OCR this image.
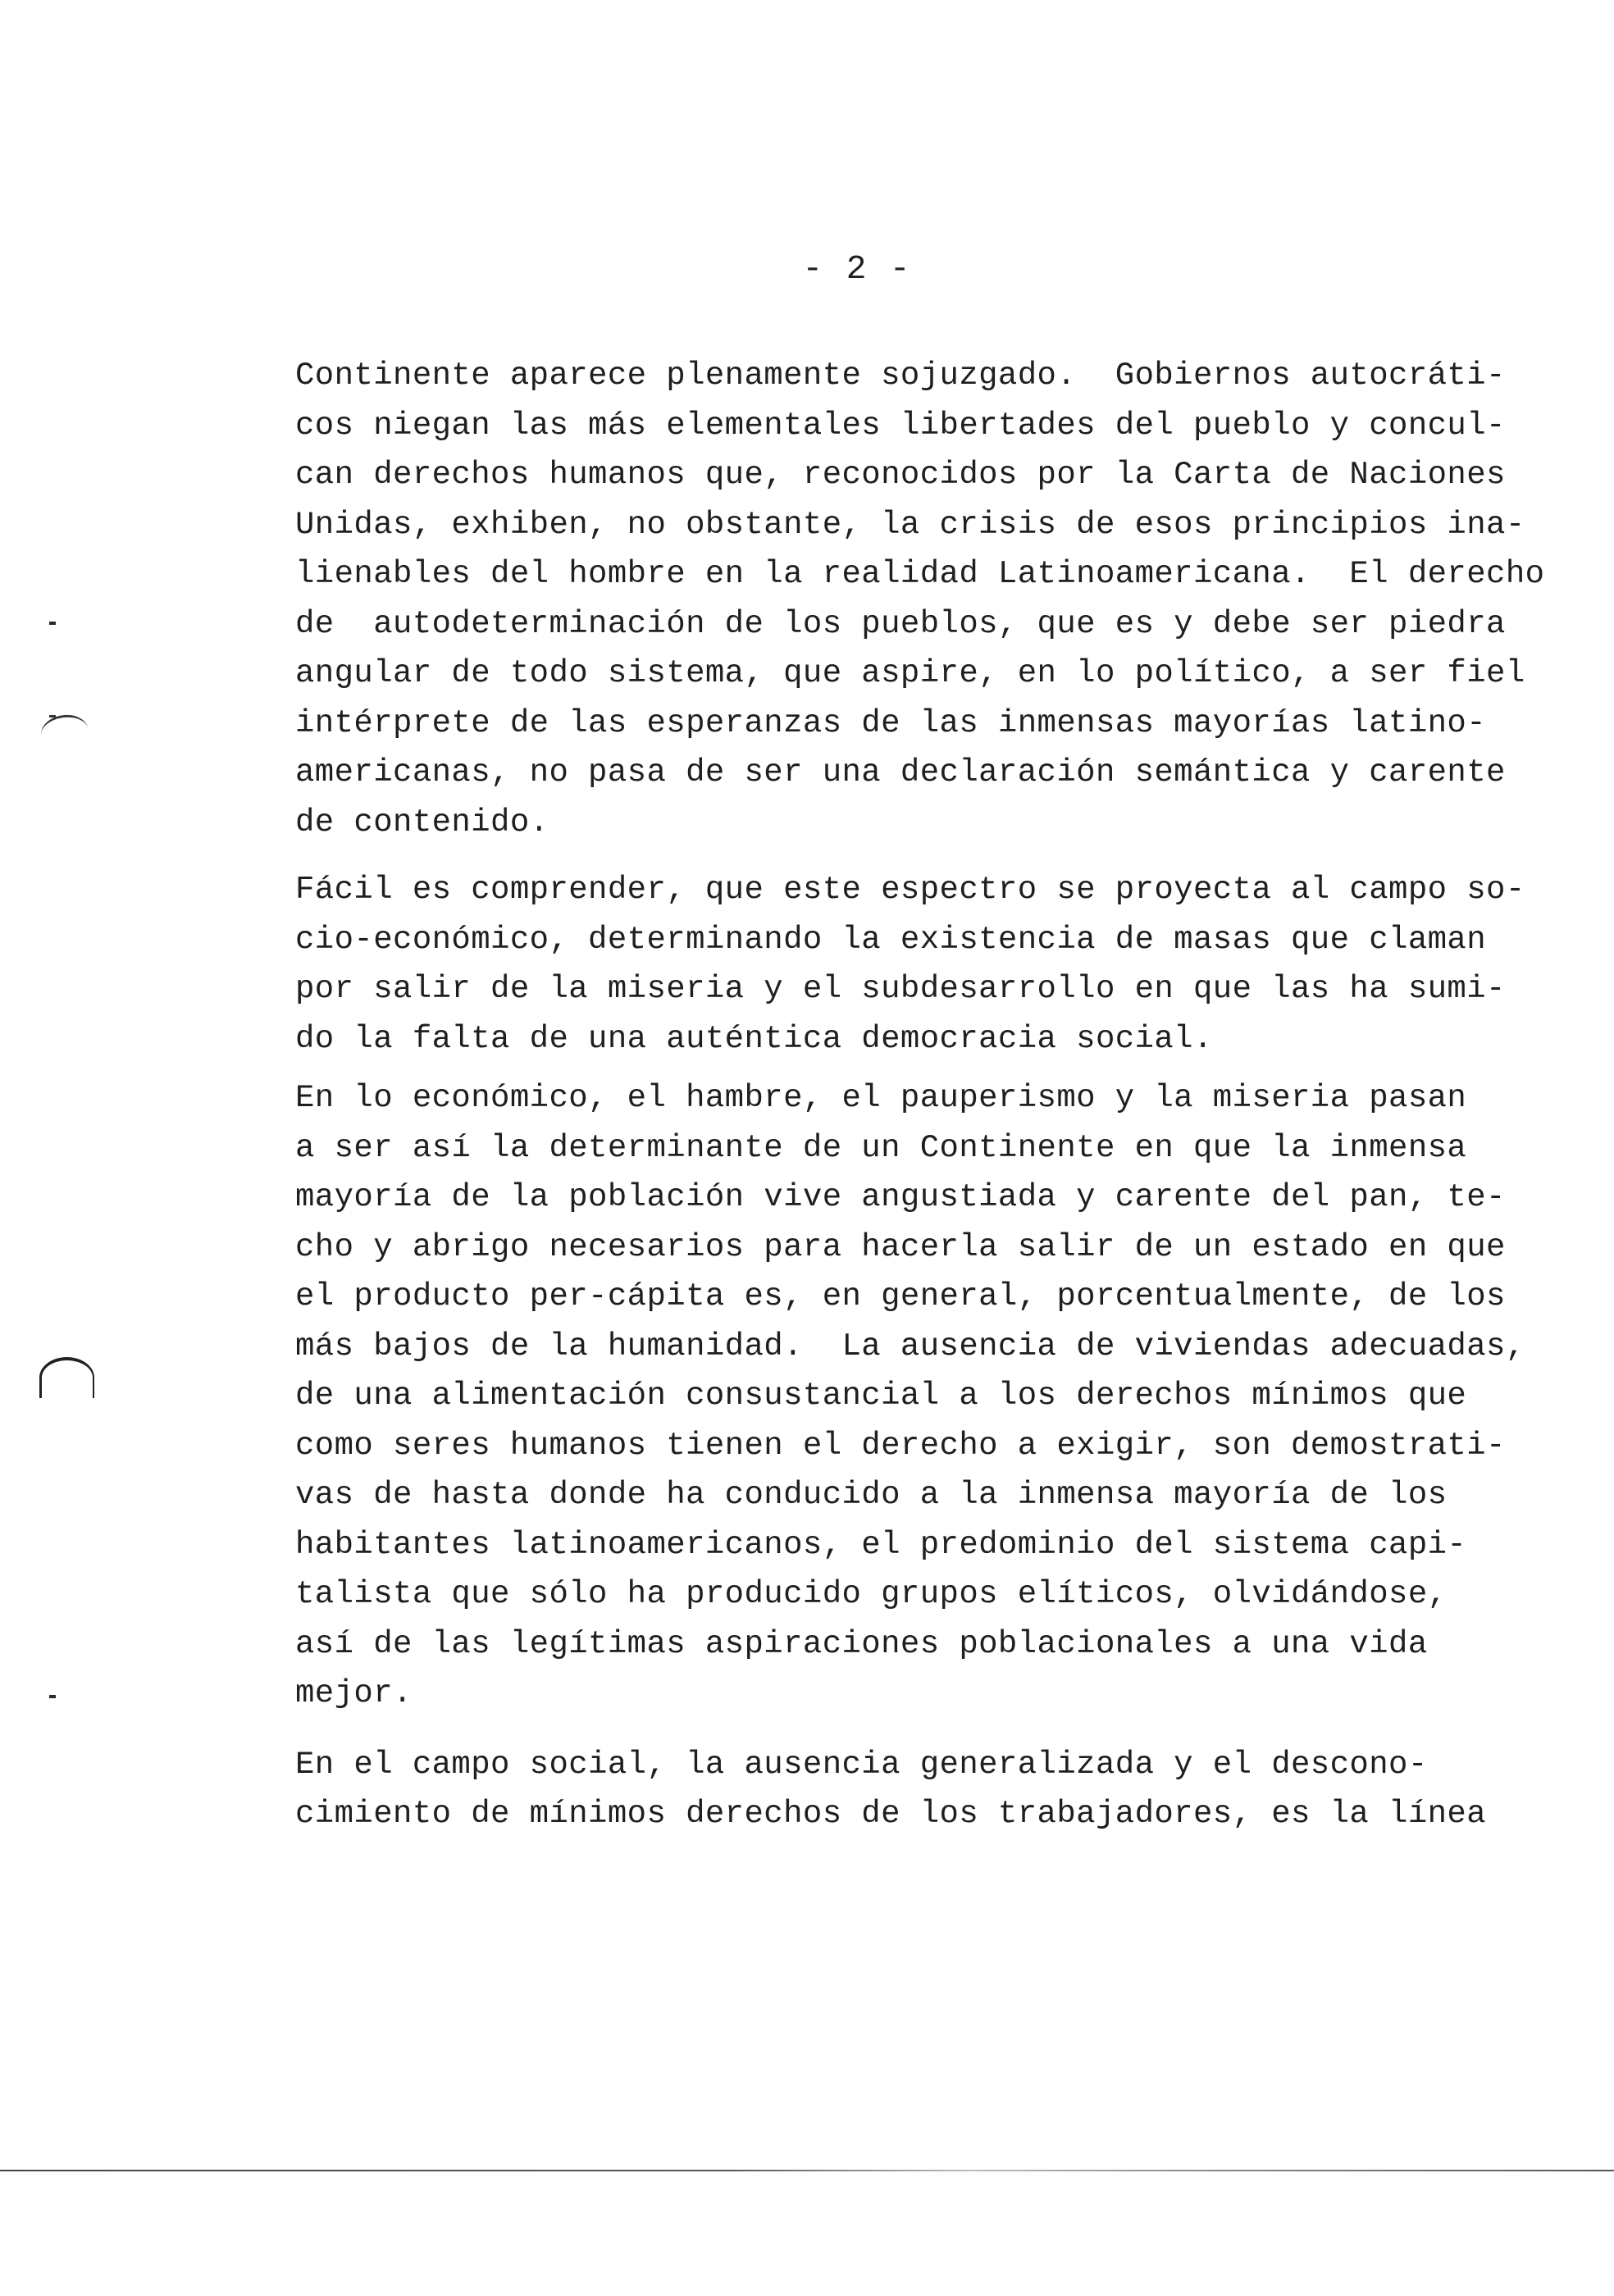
- 2 -
Continente aparece plenamente sojuzgado.  Gobiernos autocráti-
cos niegan las más elementales libertades del pueblo y concul-
can derechos humanos que, reconocidos por la Carta de Naciones
Unidas, exhiben, no obstante, la crisis de esos principios ina-
lienables del hombre en la realidad Latinoamericana.  El derecho
de  autodeterminación de los pueblos, que es y debe ser piedra
angular de todo sistema, que aspire, en lo político, a ser fiel
intérprete de las esperanzas de las inmensas mayorías latino-
americanas, no pasa de ser una declaración semántica y carente
de contenido.
Fácil es comprender, que este espectro se proyecta al campo so-
cio-económico, determinando la existencia de masas que claman
por salir de la miseria y el subdesarrollo en que las ha sumi-
do la falta de una auténtica democracia social.
En lo económico, el hambre, el pauperismo y la miseria pasan
a ser así la determinante de un Continente en que la inmensa
mayoría de la población vive angustiada y carente del pan, te-
cho y abrigo necesarios para hacerla salir de un estado en que
el producto per-cápita es, en general, porcentualmente, de los
más bajos de la humanidad.  La ausencia de viviendas adecuadas,
de una alimentación consustancial a los derechos mínimos que
como seres humanos tienen el derecho a exigir, son demostrati-
vas de hasta donde ha conducido a la inmensa mayoría de los
habitantes latinoamericanos, el predominio del sistema capi-
talista que sólo ha producido grupos elíticos, olvidándose,
así de las legítimas aspiraciones poblacionales a una vida
mejor.
En el campo social, la ausencia generalizada y el descono-
cimiento de mínimos derechos de los trabajadores, es la línea
